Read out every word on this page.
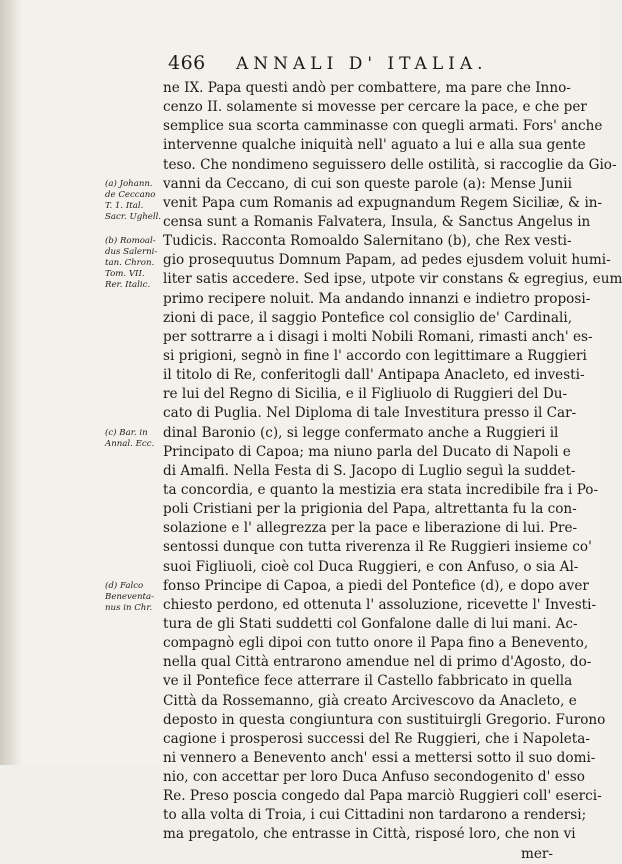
466 ANNALI D' ITALIA.
ne IX. Papa questi andò per combattere, ma pare che Inno-
cenzo II. solamente si movesse per cercare la pace, e che per
semplice sua scorta camminasse con quegli armati. Fors' anche
intervenne qualche iniquità nell' aguato a lui e alla sua gente
teso. Che nondimeno seguissero delle ostilità, si raccoglie da Gio-
vanni da Ceccano, di cui son queste parole (a): Mense Junii
venit Papa cum Romanis ad expugnandum Regem Siciliæ, & in-
censa sunt a Romanis Falvatera, Insula, & Sanctus Angelus in
Tudicis. Racconta Romoaldo Salernitano (b), che Rex vesti-
gio prosequutus Domnum Papam, ad pedes ejusdem voluit humi-
liter satis accedere. Sed ipse, utpote vir constans & egregius, eum
primo recipere noluit. Ma andando innanzi e indietro proposi-
zioni di pace, il saggio Pontefice col consiglio de' Cardinali,
per sottrarre a i disagi i molti Nobili Romani, rimasti anch' es-
si prigioni, segnò in fine l' accordo con legittimare a Ruggieri
il titolo di Re, conferitogli dall' Antipapa Anacleto, ed investi-
re lui del Regno di Sicilia, e il Figliuolo di Ruggieri del Du-
cato di Puglia. Nel Diploma di tale Investitura presso il Car-
dinal Baronio (c), si legge confermato anche a Ruggieri il
Principato di Capoa; ma niuno parla del Ducato di Napoli e
di Amalfi. Nella Festa di S. Jacopo di Luglio seguì la suddet-
ta concordia, e quanto la mestizia era stata incredibile fra i Po-
poli Cristiani per la prigionia del Papa, altrettanta fu la con-
solazione e l' allegrezza per la pace e liberazione di lui. Pre-
sentossi dunque con tutta riverenza il Re Ruggieri insieme co'
suoi Figliuoli, cioè col Duca Ruggieri, e con Anfuso, o sia Al-
fonso Principe di Capoa, a piedi del Pontefice (d), e dopo aver
chiesto perdono, ed ottenuta l' assoluzione, ricevette l' Investi-
tura de gli Stati suddetti col Gonfalone dalle di lui mani. Ac-
compagnò egli dipoi con tutto onore il Papa fino a Benevento,
nella qual Città entrarono amendue nel di primo d'Agosto, do-
ve il Pontefice fece atterrare il Castello fabbricato in quella
Città da Rossemanno, già creato Arcivescovo da Anacleto, e
deposto in questa congiuntura con sustituirgli Gregorio. Furono
cagione i prosperosi successi del Re Ruggieri, che i Napoleta-
ni vennero a Benevento anch' essi a mettersi sotto il suo domi-
nio, con accettar per loro Duca Anfuso secondogenito d' esso
Re. Preso poscia congedo dal Papa marciò Ruggieri coll' eserci-
to alla volta di Troia, i cui Cittadini non tardarono a rendersi;
ma pregatolo, che entrasse in Città, risposé loro, che non vi
mer-
(a) Johann.
de Ceccano
T. 1. Ital.
Sacr. Ughell.
(b) Romoal-
dus Salerni-
tan. Chron.
Tom. VII.
Rer. Italic.
(c) Bar. in
Annal. Ecc.
(d) Falco
Beneventa-
nus in Chr.
